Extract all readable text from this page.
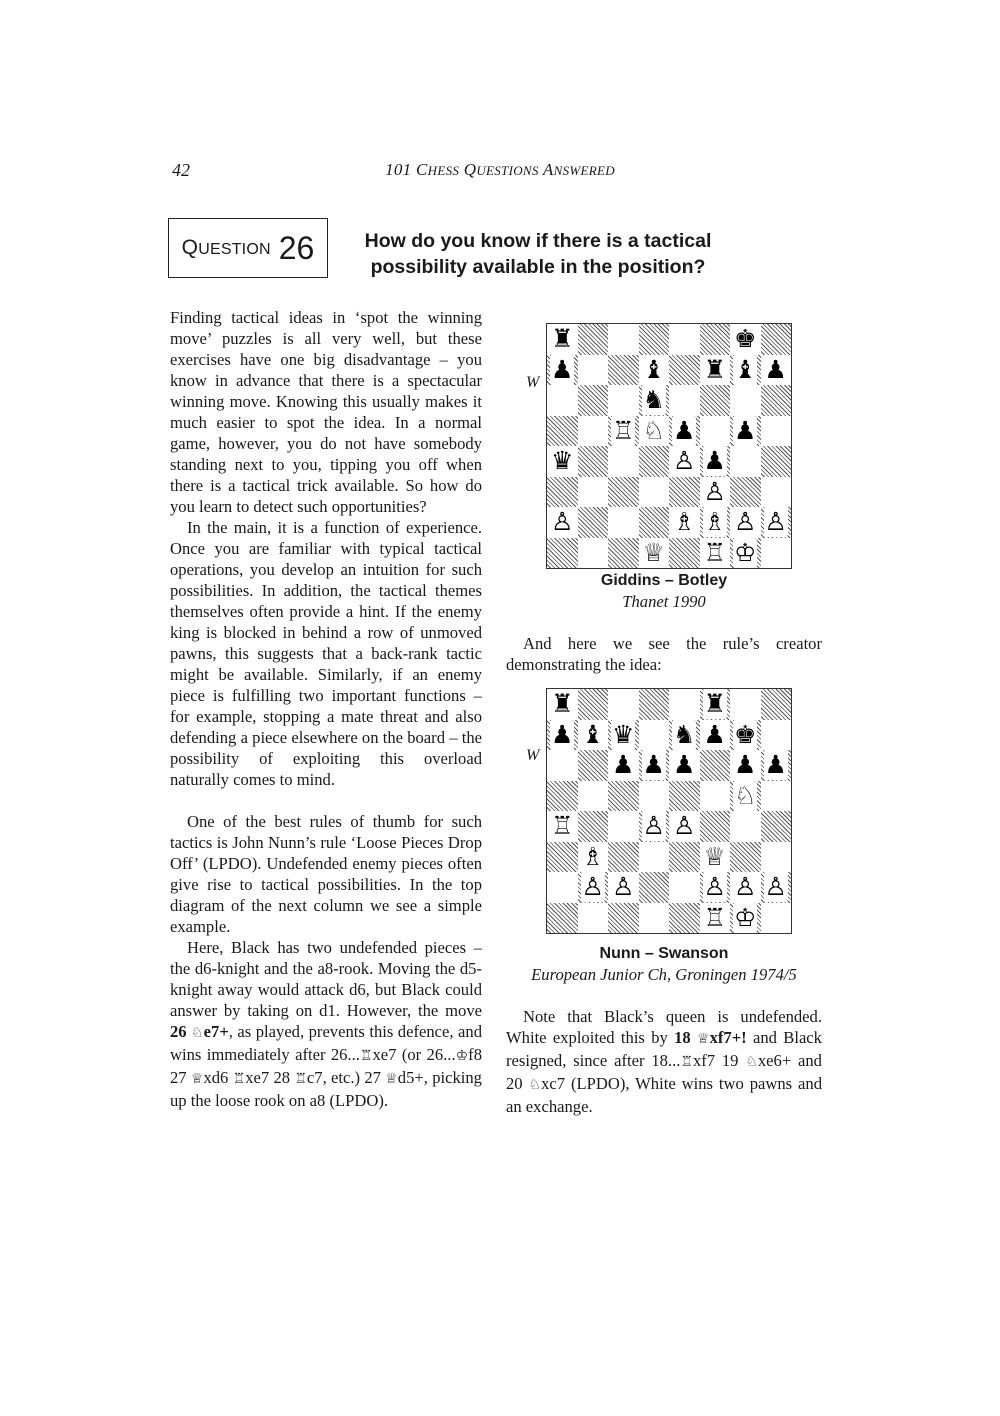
42	101 CHESS QUESTIONS ANSWERED
QUESTION 26	How do you know if there is a tactical
possibility available in the position?

Finding tactical ideas in ‘spot the winning move’ puzzles is all very well, but these exercises have one big disadvantage – you know in advance that there is a spectacular winning move. Knowing this usually makes it much easier to spot the idea. In a normal game, however, you do not have somebody standing next to you, tipping you off when there is a tactical trick available. So how do you learn to detect such opportunities?

In the main, it is a function of experience. Once you are familiar with typical tactical operations, you develop an intuition for such possibilities. In addition, the tactical themes themselves often provide a hint. If the enemy king is blocked in behind a row of unmoved pawns, this suggests that a back-rank tactic might be available. Similarly, if an enemy piece is fulfilling two important functions – for example, stopping a mate threat and also defending a piece elsewhere on the board – the possibility of exploiting this overload naturally comes to mind.

One of the best rules of thumb for such tactics is John Nunn’s rule ‘Loose Pieces Drop Off’ (LPDO). Undefended enemy pieces often give rise to tactical possibilities. In the top diagram of the next column we see a simple example.

Here, Black has two undefended pieces – the d6-knight and the a8-rook. Moving the d5-knight away would attack d6, but Black could answer by taking on d1. However, the move 26 ♘e7+, as played, prevents this defence, and wins immediately after 26...♖xe7 (or 26...♔f8 27 ♕xd6 ♖xe7 28 ♖c7, etc.) 27 ♕d5+, picking up the loose rook on a8 (LPDO).

W
♜	♚
♟	♝ ♜ ♝ ♟
♞
♖ ♘ ♟ ♟
♛	♙ ♟
♙
♙	♗ ♗ ♙ ♙
♕ ♖ ♔
Giddins – Botley
Thanet 1990

And here we see the rule’s creator demonstrating the idea:

W
♜	♜
♟ ♝ ♛ ♞ ♟ ♚
♟ ♟ ♟ ♟ ♟
♘
♖	♙ ♙
♗	♕
♙ ♙	♙ ♙ ♙
♖ ♔
Nunn – Swanson
European Junior Ch, Groningen 1974/5

Note that Black’s queen is undefended. White exploited this by 18 ♕xf7+! and Black resigned, since after 18...♖xf7 19 ♘xe6+ and 20 ♘xc7 (LPDO), White wins two pawns and an exchange.
